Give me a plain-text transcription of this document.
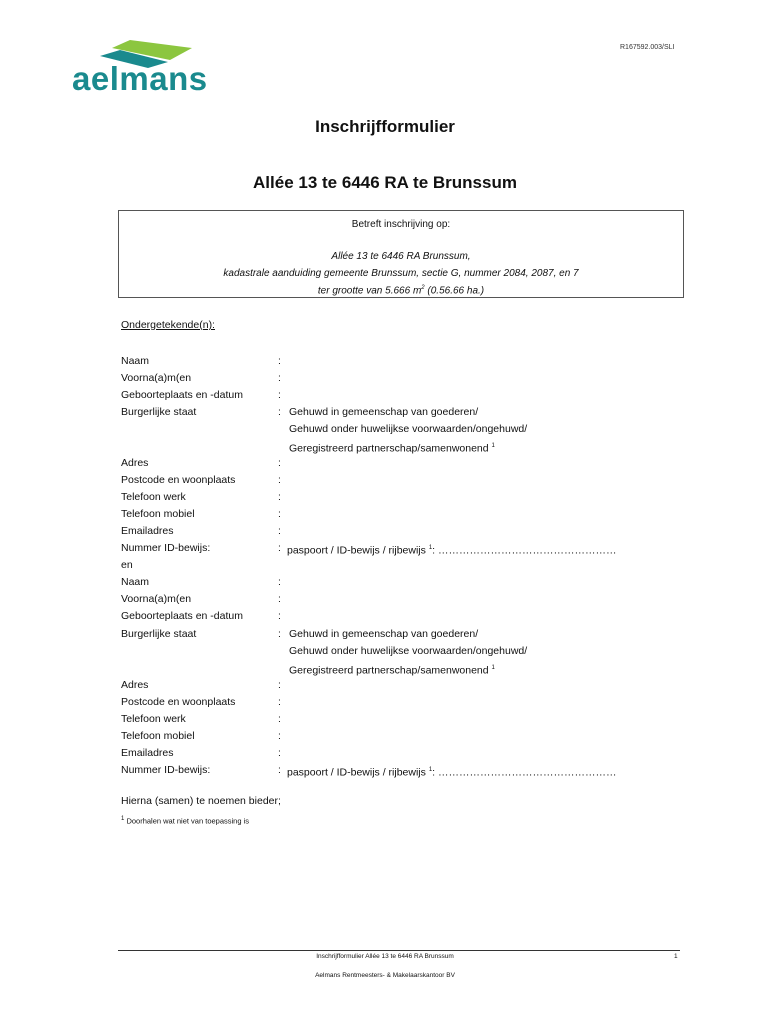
R167592.003/SLI
aelmans
Inschrijfformulier
Allée 13 te 6446 RA te Brunssum
Betreft inschrijving op:
Allée 13 te 6446 RA Brunssum,
kadastrale aanduiding gemeente Brunssum, sectie G, nummer 2084, 2087, en 7
ter grootte van 5.666 $m^2$ (0.56.66 ha.)
Ondergetekende(n):
Naam	:
Voorna(a)m(en	:
Geboorteplaats en -datum	:
Burgerlijke staat	: Gehuwd in gemeenschap van goederen/
Gehuwd onder huwelijkse voorwaarden/ongehuwd/
Geregistreerd partnerschap/samenwonend $^1$
Adres	:
Postcode en woonplaats	:
Telefoon werk	:
Telefoon mobiel	:
Emailadres	:
Nummer ID-bewijs:	: paspoort / ID-bewijs / rijbewijs $^1$: ……………………………………………
en
Naam	:
Voorna(a)m(en	:
Geboorteplaats en -datum	:
Burgerlijke staat	: Gehuwd in gemeenschap van goederen/
Gehuwd onder huwelijkse voorwaarden/ongehuwd/
Geregistreerd partnerschap/samenwonend $^1$
Adres	:
Postcode en woonplaats	:
Telefoon werk	:
Telefoon mobiel	:
Emailadres	:
Nummer ID-bewijs:	: paspoort / ID-bewijs / rijbewijs $^1$: ……………………………………………
Hierna (samen) te noemen bieder;
$^1$ Doorhalen wat niet van toepassing is
Inschrijfformulier Allée 13 te 6446 RA Brunssum	1
Aelmans Rentmeesters- & Makelaarskantoor BV
